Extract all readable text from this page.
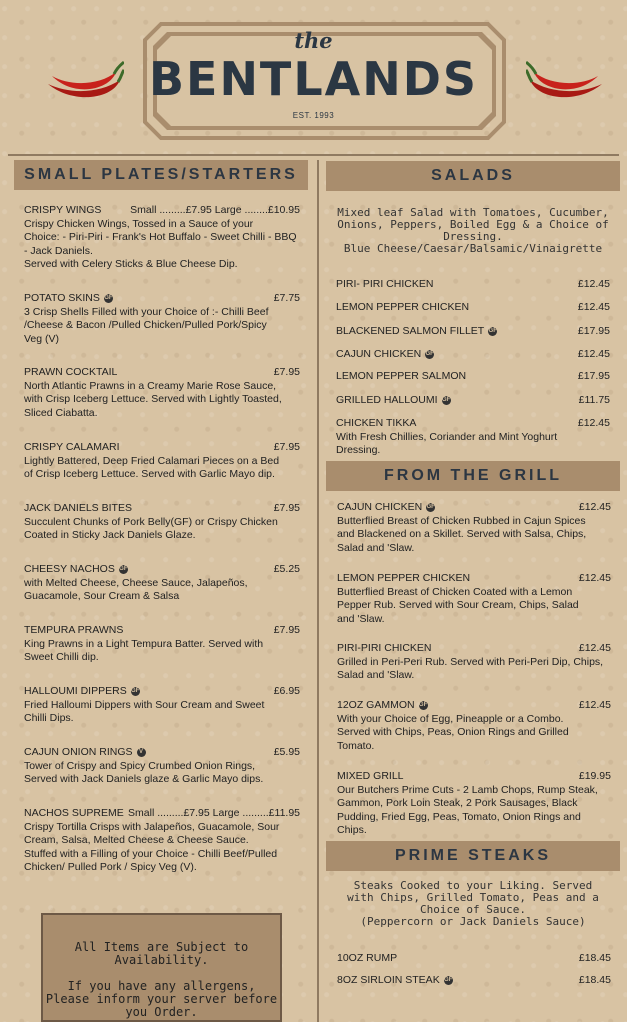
the
BENTLANDS
EST. 1993
SMALL PLATES/STARTERS
CRISPY WINGS	Small .........£7.95 Large ........£10.95
Crispy Chicken Wings, Tossed in a Sauce of your
Choice: - Piri-Piri - Frank's Hot Buffalo - Sweet Chilli - BBQ
- Jack Daniels.
Served with Celery Sticks & Blue Cheese Dip.
POTATO SKINS GF	£7.75
3 Crisp Shells Filled with your Choice of :- Chilli Beef
/Cheese & Bacon /Pulled Chicken/Pulled Pork/Spicy
Veg (V)
PRAWN COCKTAIL	£7.95
North Atlantic Prawns in a Creamy Marie Rose Sauce,
with Crisp Iceberg Lettuce. Served with Lightly Toasted,
Sliced Ciabatta.
CRISPY CALAMARI	£7.95
Lightly Battered, Deep Fried Calamari Pieces on a Bed
of Crisp Iceberg Lettuce. Served with Garlic Mayo dip.
JACK DANIELS BITES	£7.95
Succulent Chunks of Pork Belly(GF) or Crispy Chicken
Coated in Sticky Jack Daniels Glaze.
CHEESY NACHOS GF	£5.25
with Melted Cheese, Cheese Sauce, Jalapeños,
Guacamole, Sour Cream & Salsa
TEMPURA PRAWNS	£7.95
King Prawns in a Light Tempura Batter. Served with
Sweet Chilli dip.
HALLOUMI DIPPERS GF	£6.95
Fried Halloumi Dippers with Sour Cream and Sweet
Chilli Dips.
CAJUN ONION RINGS V	£5.95
Tower of Crispy and Spicy Crumbed Onion Rings,
Served with Jack Daniels glaze & Garlic Mayo dips.
NACHOS SUPREME Small .........£7.95 Large .........£11.95
Crispy Tortilla Crisps with Jalapeños, Guacamole, Sour
Cream, Salsa, Melted Cheese & Cheese Sauce.
Stuffed with a Filling of your Choice - Chilli Beef/Pulled
Chicken/ Pulled Pork / Spicy Veg (V).

All Items are Subject to Availability.

If you have any allergens, Please inform your server before you Order.

SALADS
Mixed leaf Salad with Tomatoes, Cucumber,
Onions, Peppers, Boiled Egg & a Choice of
Dressing.
Blue Cheese/Caesar/Balsamic/Vinaigrette
PIRI- PIRI CHICKEN	£12.45
LEMON PEPPER CHICKEN	£12.45
BLACKENED SALMON FILLET GF	£17.95
CAJUN CHICKEN GF	£12.45
LEMON PEPPER SALMON	£17.95
GRILLED HALLOUMI GF	£11.75
CHICKEN TIKKA	£12.45
With Fresh Chillies, Coriander and Mint Yoghurt
Dressing.
FROM THE GRILL
CAJUN CHICKEN GF	£12.45
Butterflied Breast of Chicken Rubbed in Cajun Spices
and Blackened on a Skillet. Served with Salsa, Chips,
Salad and 'Slaw.
LEMON PEPPER CHICKEN	£12.45
Butterflied Breast of Chicken Coated with a Lemon
Pepper Rub. Served with Sour Cream, Chips, Salad
and 'Slaw.
PIRI-PIRI CHICKEN	£12.45
Grilled in Peri-Peri Rub. Served with Peri-Peri Dip, Chips,
Salad and 'Slaw.
12OZ GAMMON GF	£12.45
With your Choice of Egg, Pineapple or a Combo.
Served with Chips, Peas, Onion Rings and Grilled
Tomato.
MIXED GRILL	£19.95
Our Butchers Prime Cuts - 2 Lamb Chops, Rump Steak,
Gammon, Pork Loin Steak, 2 Pork Sausages, Black
Pudding, Fried Egg, Peas, Tomato, Onion Rings and
Chips.
PRIME STEAKS
Steaks Cooked to your Liking. Served
with Chips, Grilled Tomato, Peas and a
Choice of Sauce.
(Peppercorn or Jack Daniels Sauce)
10OZ RUMP	£18.45
8OZ SIRLOIN STEAK GF	£18.45
